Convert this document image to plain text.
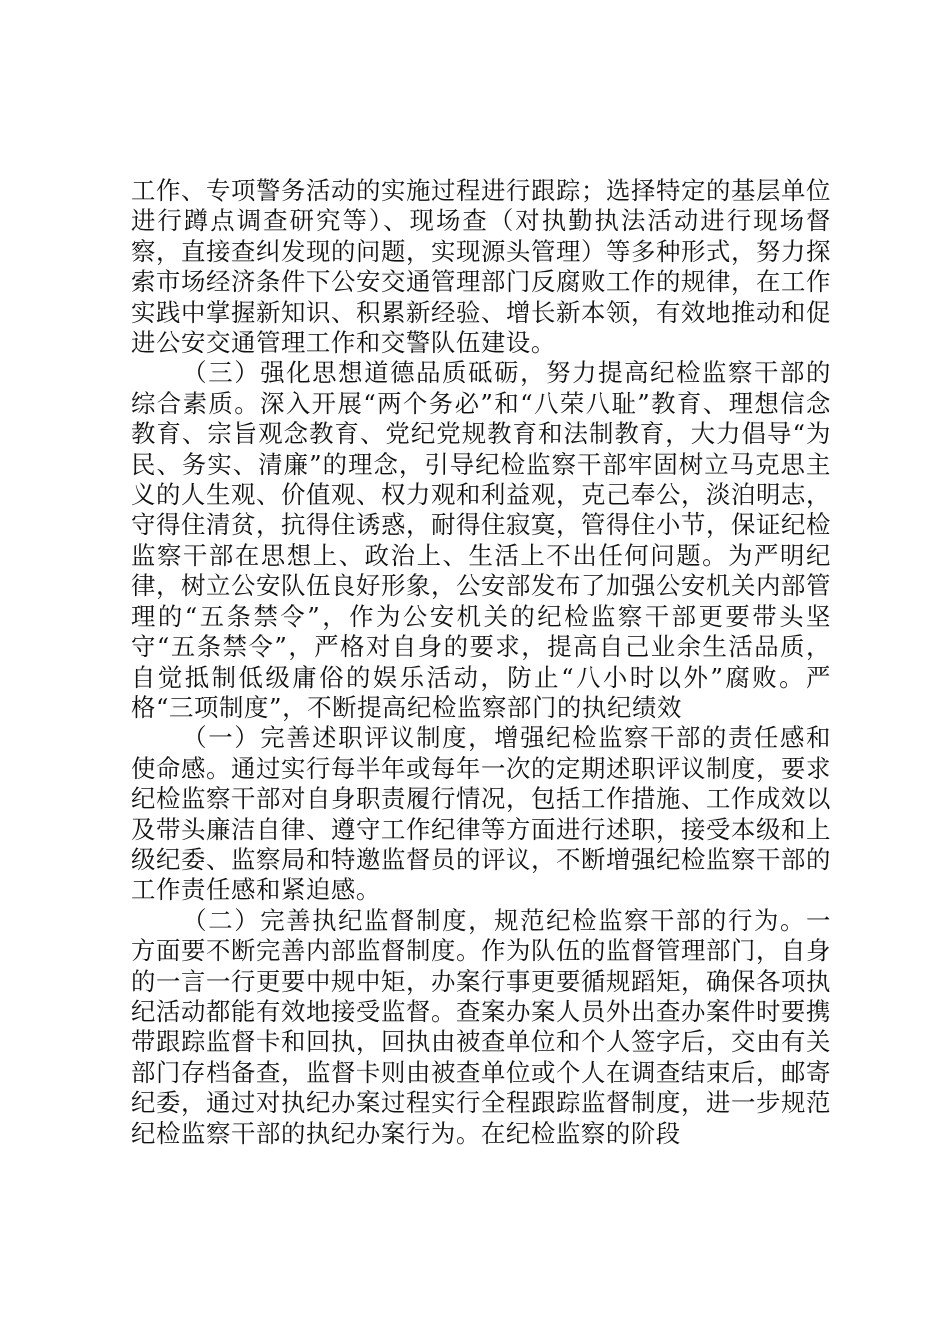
工作、专项警务活动的实施过程进行跟踪；选择特定的基层单位进行蹲点调查研究等）、现场查（对执勤执法活动进行现场督察，直接查纠发现的问题，实现源头管理）等多种形式，努力探索市场经济条件下公安交通管理部门反腐败工作的规律，在工作实践中掌握新知识、积累新经验、增长新本领，有效地推动和促进公安交通管理工作和交警队伍建设。

（三）强化思想道德品质砥砺，努力提高纪检监察干部的综合素质。深入开展“两个务必”和“八荣八耻”教育、理想信念教育、宗旨观念教育、党纪党规教育和法制教育，大力倡导“为民、务实、清廉”的理念，引导纪检监察干部牢固树立马克思主义的人生观、价值观、权力观和利益观，克己奉公，淡泊明志，守得住清贫，抗得住诱惑，耐得住寂寞，管得住小节，保证纪检监察干部在思想上、政治上、生活上不出任何问题。为严明纪律，树立公安队伍良好形象，公安部发布了加强公安机关内部管理的“五条禁令”，作为公安机关的纪检监察干部更要带头坚守“五条禁令”，严格对自身的要求，提高自己业余生活品质，自觉抵制低级庸俗的娱乐活动，防止“八小时以外”腐败。严格“三项制度”，不断提高纪检监察部门的执纪绩效

（一）完善述职评议制度，增强纪检监察干部的责任感和使命感。通过实行每半年或每年一次的定期述职评议制度，要求纪检监察干部对自身职责履行情况，包括工作措施、工作成效以及带头廉洁自律、遵守工作纪律等方面进行述职，接受本级和上级纪委、监察局和特邀监督员的评议，不断增强纪检监察干部的工作责任感和紧迫感。

（二）完善执纪监督制度，规范纪检监察干部的行为。一方面要不断完善内部监督制度。作为队伍的监督管理部门，自身的一言一行更要中规中矩，办案行事更要循规蹈矩，确保各项执纪活动都能有效地接受监督。查案办案人员外出查办案件时要携带跟踪监督卡和回执，回执由被查单位和个人签字后，交由有关部门存档备查，监督卡则由被查单位或个人在调查结束后，邮寄纪委，通过对执纪办案过程实行全程跟踪监督制度，进一步规范纪检监察干部的执纪办案行为。在纪检监察的阶段
